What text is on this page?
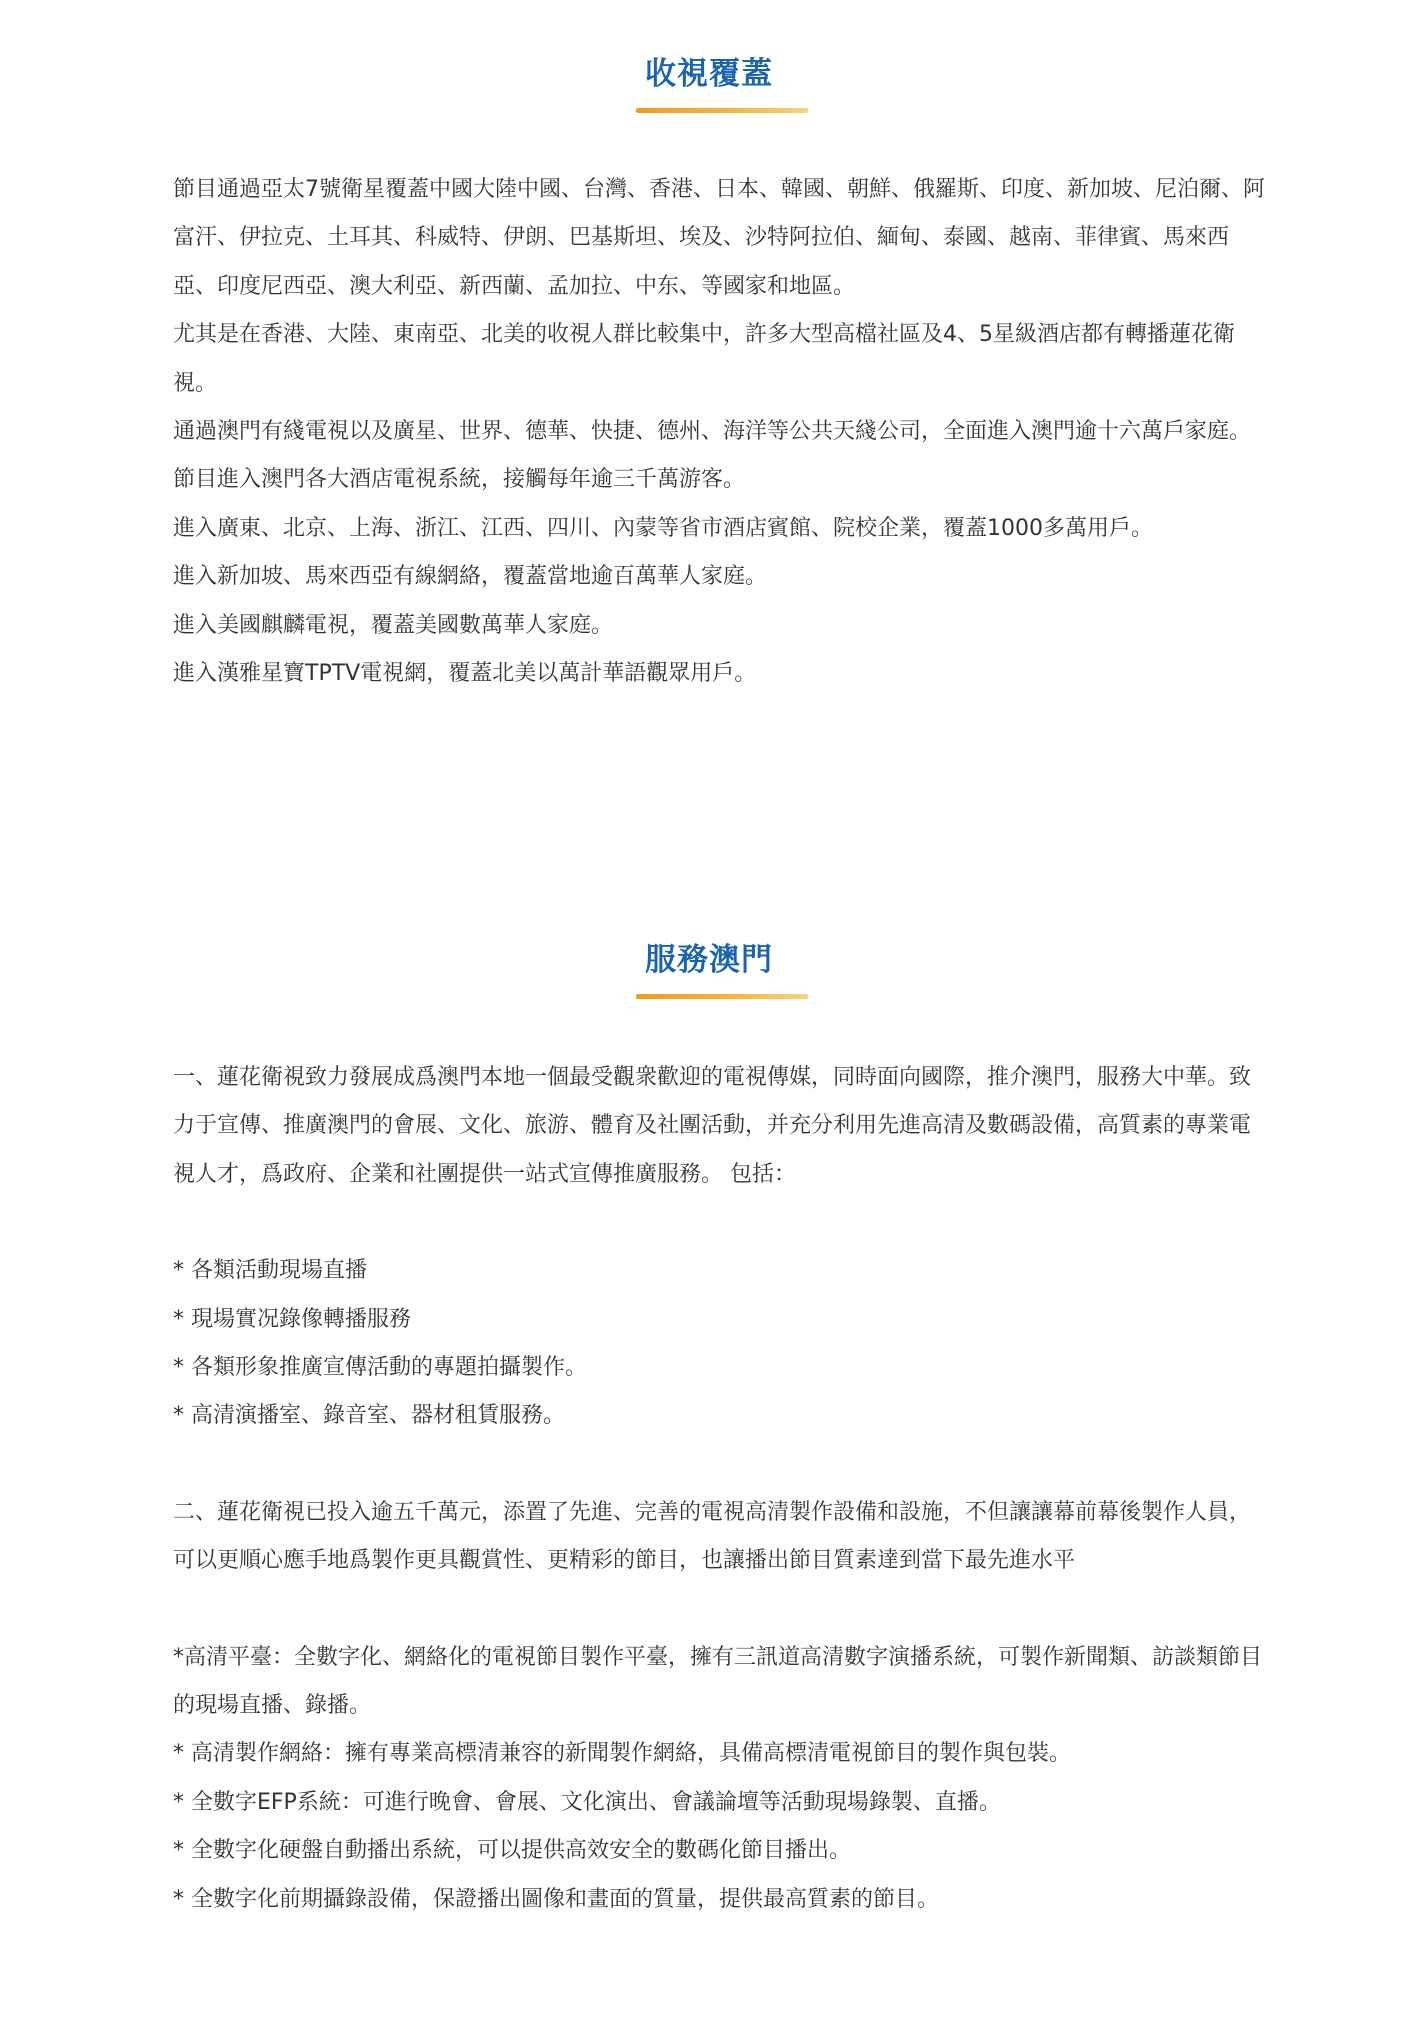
收視覆蓋

節目通過亞太7號衛星覆蓋中國大陸中國、台灣、香港、日本、韓國、朝鮮、俄羅斯、印度、新加坡、尼泊爾、阿富汗、伊拉克、土耳其、科威特、伊朗、巴基斯坦、埃及、沙特阿拉伯、緬甸、泰國、越南、菲律賓、馬來西亞、印度尼西亞、澳大利亞、新西蘭、孟加拉、中东、等國家和地區。

尤其是在香港、大陸、東南亞、北美的收視人群比較集中，許多大型高檔社區及4、5星級酒店都有轉播蓮花衛視。

通過澳門有綫電視以及廣星、世界、德華、快捷、德州、海洋等公共天綫公司，全面進入澳門逾十六萬戶家庭。

節目進入澳門各大酒店電視系統，接觸每年逾三千萬游客。

進入廣東、北京、上海、浙江、江西、四川、內蒙等省市酒店賓館、院校企業，覆蓋1000多萬用戶。

進入新加坡、馬來西亞有線網絡，覆蓋當地逾百萬華人家庭。

進入美國麒麟電視，覆蓋美國數萬華人家庭。

進入漢雅星寶TPTV電視網，覆蓋北美以萬計華語觀眾用戶。

服務澳門

一、蓮花衛視致力發展成爲澳門本地一個最受觀衆歡迎的電視傳媒，同時面向國際，推介澳門，服務大中華。致力于宣傳、推廣澳門的會展、文化、旅游、體育及社團活動，并充分利用先進高清及數碼設備，高質素的專業電視人才，爲政府、企業和社團提供一站式宣傳推廣服務。 包括：

* 各類活動現場直播

* 現場實况錄像轉播服務

* 各類形象推廣宣傳活動的專題拍攝製作。

* 高清演播室、錄音室、器材租賃服務。

二、蓮花衛視已投入逾五千萬元，添置了先進、完善的電視高清製作設備和設施，不但讓讓幕前幕後製作人員，可以更順心應手地爲製作更具觀賞性、更精彩的節目，也讓播出節目質素達到當下最先進水平

*高清平臺：全數字化、網絡化的電視節目製作平臺，擁有三訊道高清數字演播系統，可製作新聞類、訪談類節目的現場直播、錄播。

* 高清製作網絡：擁有專業高標清兼容的新聞製作網絡，具備高標清電視節目的製作與包裝。

* 全數字EFP系統：可進行晚會、會展、文化演出、會議論壇等活動現場錄製、直播。

* 全數字化硬盤自動播出系統，可以提供高效安全的數碼化節目播出。

* 全數字化前期攝錄設備，保證播出圖像和畫面的質量，提供最高質素的節目。
